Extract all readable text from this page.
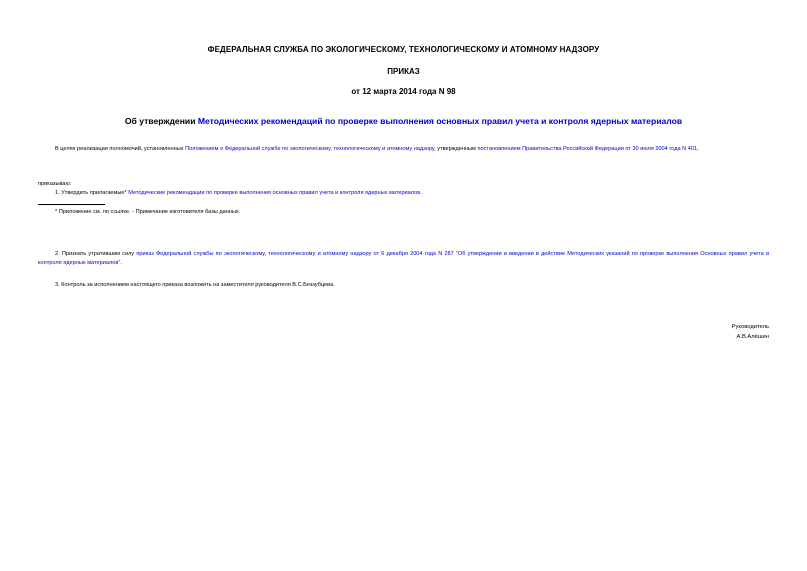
ФЕДЕРАЛЬНАЯ СЛУЖБА ПО ЭКОЛОГИЧЕСКОМУ, ТЕХНОЛОГИЧЕСКОМУ И АТОМНОМУ НАДЗОРУ
ПРИКАЗ
от 12 марта 2014 года N 98
Об утверждении Методических рекомендаций по проверке выполнения основных правил учета и контроля ядерных материалов
В целях реализации полномочий, установленных Положением о Федеральной службе по экологическому, технологическому и атомному надзору, утвержденным постановлением Правительства Российской Федерации от 30 июля 2004 года N 401,
приказываю:
1. Утвердить прилагаемые* Методические рекомендации по проверке выполнения основных правил учета и контроля ядерных материалов.
* Приложение см. по ссылке. - Примечание изготовителя базы данных.
2. Признать утратившим силу приказ Федеральной службы по экологическому, технологическому и атомному надзору от 6 декабря 2004 года N 287 "Об утверждении и введении в действие Методических указаний по проверке выполнения Основных правил учета и контроля ядерных материалов".
3. Контроль за исполнением настоящего приказа возложить на заместителя руководителя В.С.Беззубцева.
Руководитель
А.В.Алёшин
